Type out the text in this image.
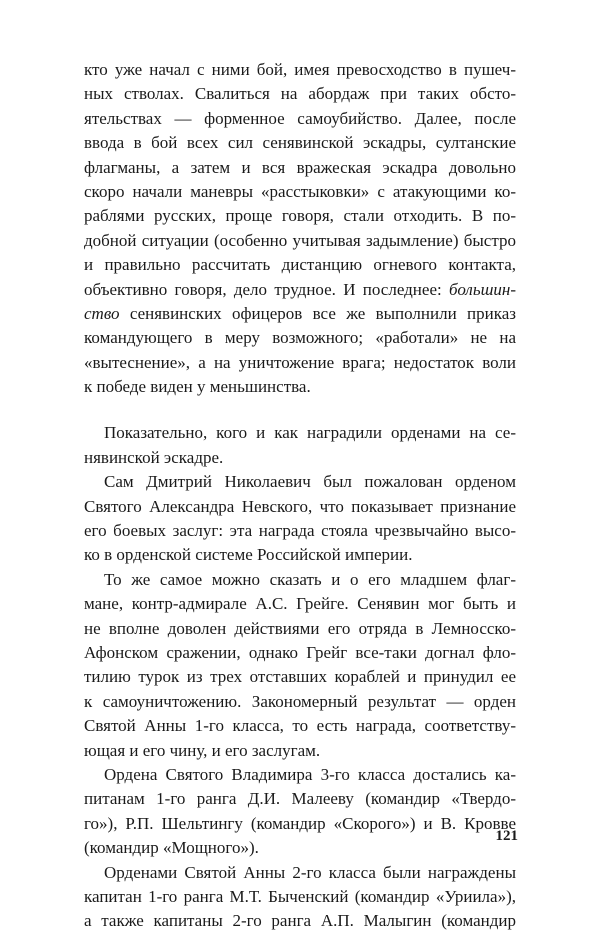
кто уже начал с ними бой, имея превосходство в пушеч-
ных стволах. Свалиться на абордаж при таких обсто-
ятельствах — форменное самоубийство. Далее, после
ввода в бой всех сил сенявинской эскадры, султанские
флагманы, а затем и вся вражеская эскадра довольно
скоро начали маневры «расстыковки» с атакующими ко-
раблями русских, проще говоря, стали отходить. В по-
добной ситуации (особенно учитывая задымление) быстро
и правильно рассчитать дистанцию огневого контакта,
объективно говоря, дело трудное. И последнее: большин-
ство сенявинских офицеров все же выполнили приказ
командующего в меру возможного; «работали» не на
«вытеснение», а на уничтожение врага; недостаток воли
к победе виден у меньшинства.
Показательно, кого и как наградили орденами на се-
нявинской эскадре.
Сам Дмитрий Николаевич был пожалован орденом
Святого Александра Невского, что показывает признание
его боевых заслуг: эта награда стояла чрезвычайно высо-
ко в орденской системе Российской империи.
То же самое можно сказать и о его младшем флаг-
мане, контр-адмирале А.С. Грейге. Сенявин мог быть и
не вполне доволен действиями его отряда в Лемносско-
Афонском сражении, однако Грейг все-таки догнал фло-
тилию турок из трех отставших кораблей и принудил ее
к самоуничтожению. Закономерный результат — орден
Святой Анны 1-го класса, то есть награда, соответству-
ющая и его чину, и его заслугам.
Ордена Святого Владимира 3-го класса достались ка-
питанам 1-го ранга Д.И. Малееву (командир «Твердо-
го»), Р.П. Шельтингу (командир «Скорого») и В. Кровве
(командир «Мощного»).
Орденами Святой Анны 2-го класса были награждены
капитан 1-го ранга М.Т. Быченский (командир «Уриила»),
а также капитаны 2-го ранга А.П. Малыгин (командир
121
